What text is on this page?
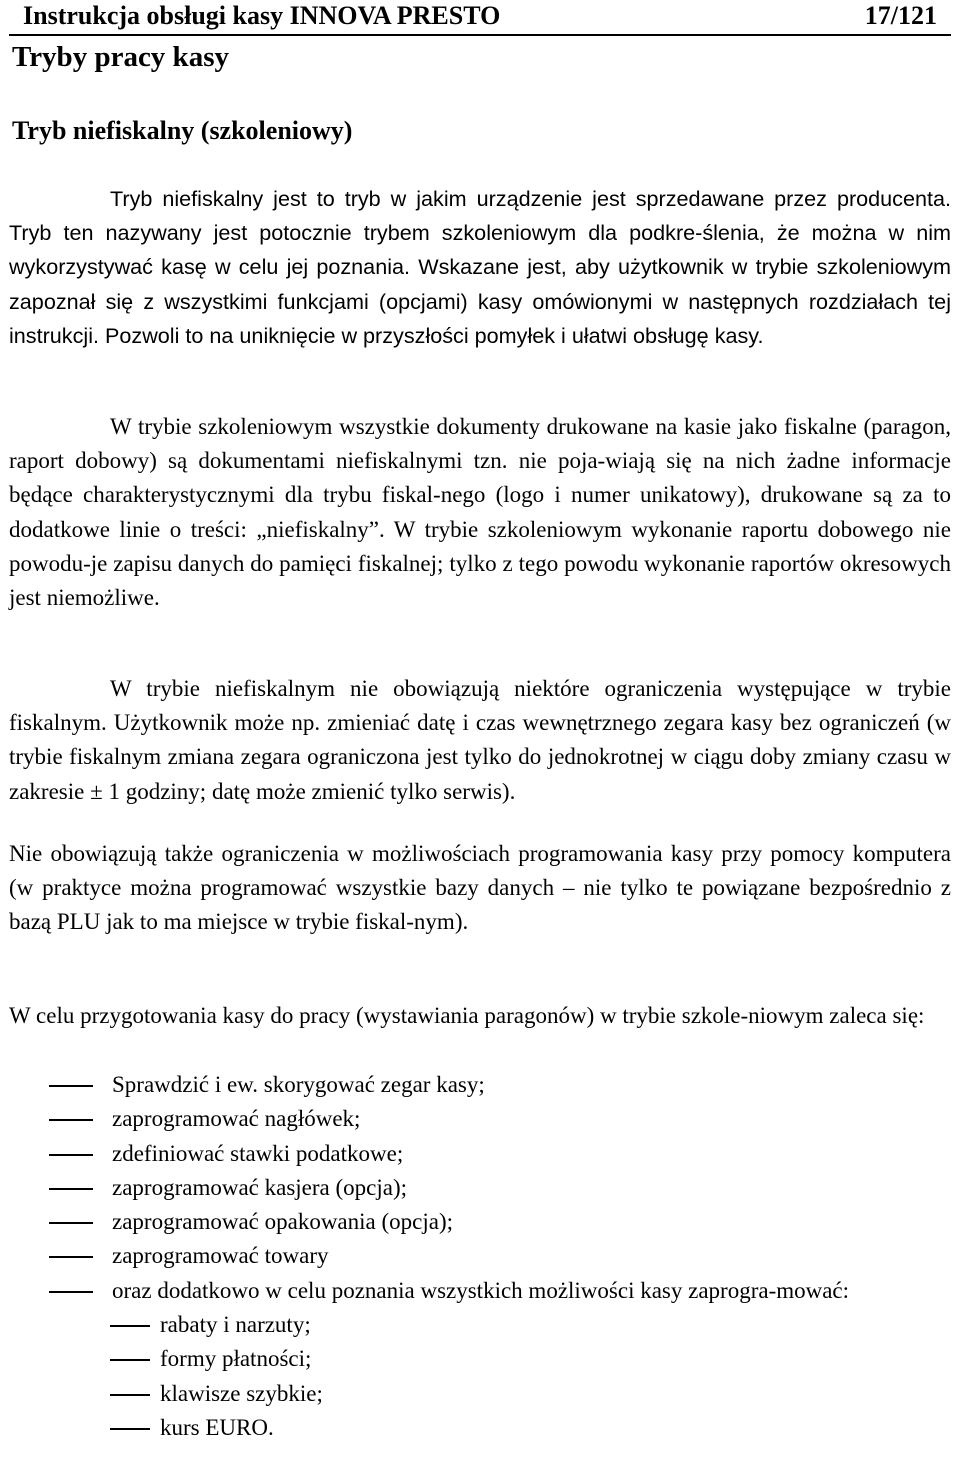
Instrukcja obsługi kasy INNOVA PRESTO	17/121
Tryby pracy kasy
Tryb niefiskalny (szkoleniowy)

Tryb niefiskalny jest to tryb w jakim urządzenie jest sprzedawane przez producenta. Tryb ten nazywany jest potocznie trybem szkoleniowym dla podkre-ślenia, że można w nim wykorzystywać kasę w celu jej poznania. Wskazane jest, aby użytkownik w trybie szkoleniowym zapoznał się z wszystkimi funkcjami (opcjami) kasy omówionymi w następnych rozdziałach tej instrukcji. Pozwoli to na uniknięcie w przyszłości pomyłek i ułatwi obsługę kasy.

W trybie szkoleniowym wszystkie dokumenty drukowane na kasie jako fiskalne (paragon, raport dobowy) są dokumentami niefiskalnymi tzn. nie poja-wiają się na nich żadne informacje będące charakterystycznymi dla trybu fiskal-nego (logo i numer unikatowy), drukowane są za to dodatkowe linie o treści: „niefiskalny”. W trybie szkoleniowym wykonanie raportu dobowego nie powodu-je zapisu danych do pamięci fiskalnej; tylko z tego powodu wykonanie raportów okresowych jest niemożliwe.

W trybie niefiskalnym nie obowiązują niektóre ograniczenia występujące w trybie fiskalnym. Użytkownik może np. zmieniać datę i czas wewnętrznego zegara kasy bez ograniczeń (w trybie fiskalnym zmiana zegara ograniczona jest tylko do jednokrotnej w ciągu doby zmiany czasu w zakresie ± 1 godziny; datę może zmienić tylko serwis).

Nie obowiązują także ograniczenia w możliwościach programowania kasy przy pomocy komputera (w praktyce można programować wszystkie bazy danych – nie tylko te powiązane bezpośrednio z bazą PLU jak to ma miejsce w trybie fiskal-nym).

W celu przygotowania kasy do pracy (wystawiania paragonów) w trybie szkole-niowym zaleca się:

Sprawdzić i ew. skorygować zegar kasy;
zaprogramować nagłówek;
zdefiniować stawki podatkowe;
zaprogramować kasjera (opcja);
zaprogramować opakowania (opcja);
zaprogramować towary
oraz dodatkowo w celu poznania wszystkich możliwości kasy zaprogra-mować:
rabaty i narzuty;
formy płatności;
klawisze szybkie;
kurs EURO.
